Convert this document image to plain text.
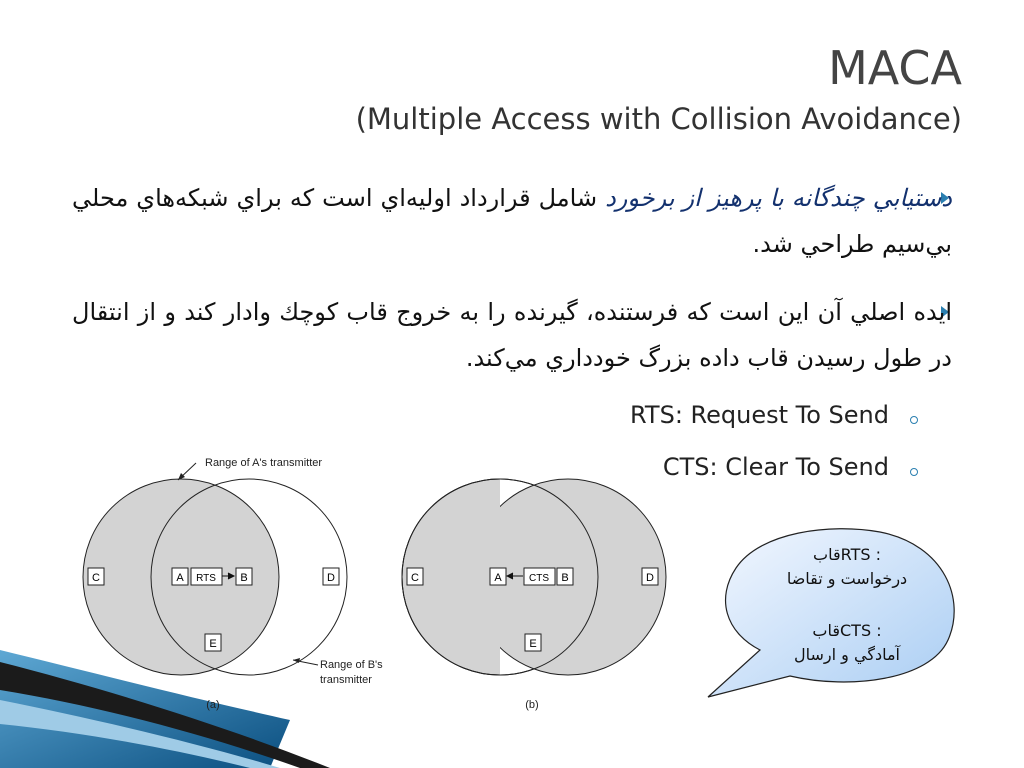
MACA
(Multiple Access with Collision Avoidance)
دستيابي چندگانه با پرهيز از برخورد شامل قرارداد اوليه‌اي است كه براي شبكه‌هاي محلي بي‌سيم طراحي شد.
ايده اصلي آن اين است كه فرستنده، گيرنده را به خروج قاب كوچك وادار كند و از انتقال در طول رسيدن قاب داده بزرگ خودداري مي‌كند.
RTS: Request To Send
CTS: Clear To Send
C	A RTS B	D
E
Range of A's transmitter
Range of B's
transmitter
(a)
C	A	CTS B	D
E
(b)
: RTSقاب
درخواست و تقاضا
: CTSقاب
آمادگي و ارسال
